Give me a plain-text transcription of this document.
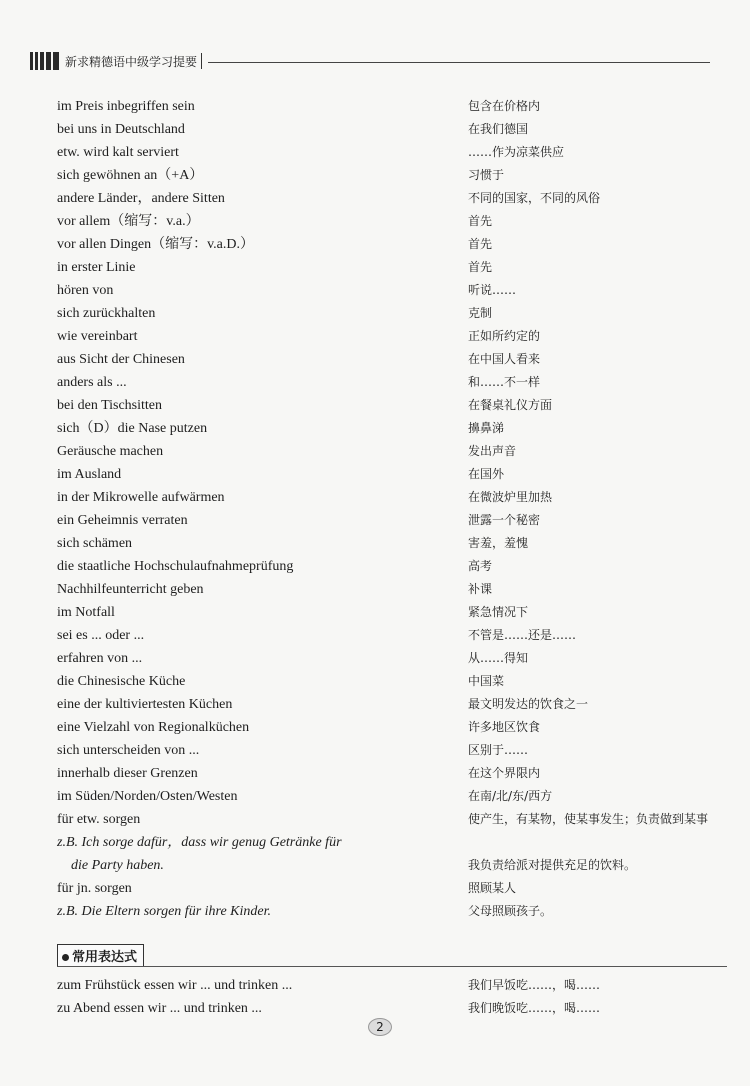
新求精德语中级学习提要
im Preis inbegriffen sein	包含在价格内
bei uns in Deutschland	在我们德国
etw. wird kalt serviert	……作为凉菜供应
sich gewöhnen an（+A）	习惯于
andere Länder，andere Sitten	不同的国家，不同的风俗
vor allem（缩写：v.a.）	首先
vor allen Dingen（缩写：v.a.D.）	首先
in erster Linie	首先
hören von	听说……
sich zurückhalten	克制
wie vereinbart	正如所约定的
aus Sicht der Chinesen	在中国人看来
anders als ...	和……不一样
bei den Tischsitten	在餐桌礼仪方面
sich（D）die Nase putzen	擤鼻涕
Geräusche machen	发出声音
im Ausland	在国外
in der Mikrowelle aufwärmen	在微波炉里加热
ein Geheimnis verraten	泄露一个秘密
sich schämen	害羞，羞愧
die staatliche Hochschulaufnahmeprüfung	高考
Nachhilfeunterricht geben	补课
im Notfall	紧急情况下
sei es ... oder ...	不管是……还是……
erfahren von ...	从……得知
die Chinesische Küche	中国菜
eine der kultiviertesten Küchen	最文明发达的饮食之一
eine Vielzahl von Regionalküchen	许多地区饮食
sich unterscheiden von ...	区别于……
innerhalb dieser Grenzen	在这个界限内
im Süden/Norden/Osten/Westen	在南/北/东/西方
für etw. sorgen	使产生，有某物，使某事发生；负责做到某事
z.B. Ich sorge dafür，dass wir genug Getränke für
die Party haben.	我负责给派对提供充足的饮料。
für jn. sorgen	照顾某人
z.B. Die Eltern sorgen für ihre Kinder.	父母照顾孩子。
常用表达式
zum Frühstück essen wir ... und trinken ...	我们早饭吃……，喝……
zu Abend essen wir ... und trinken ...	我们晚饭吃……，喝……
2
